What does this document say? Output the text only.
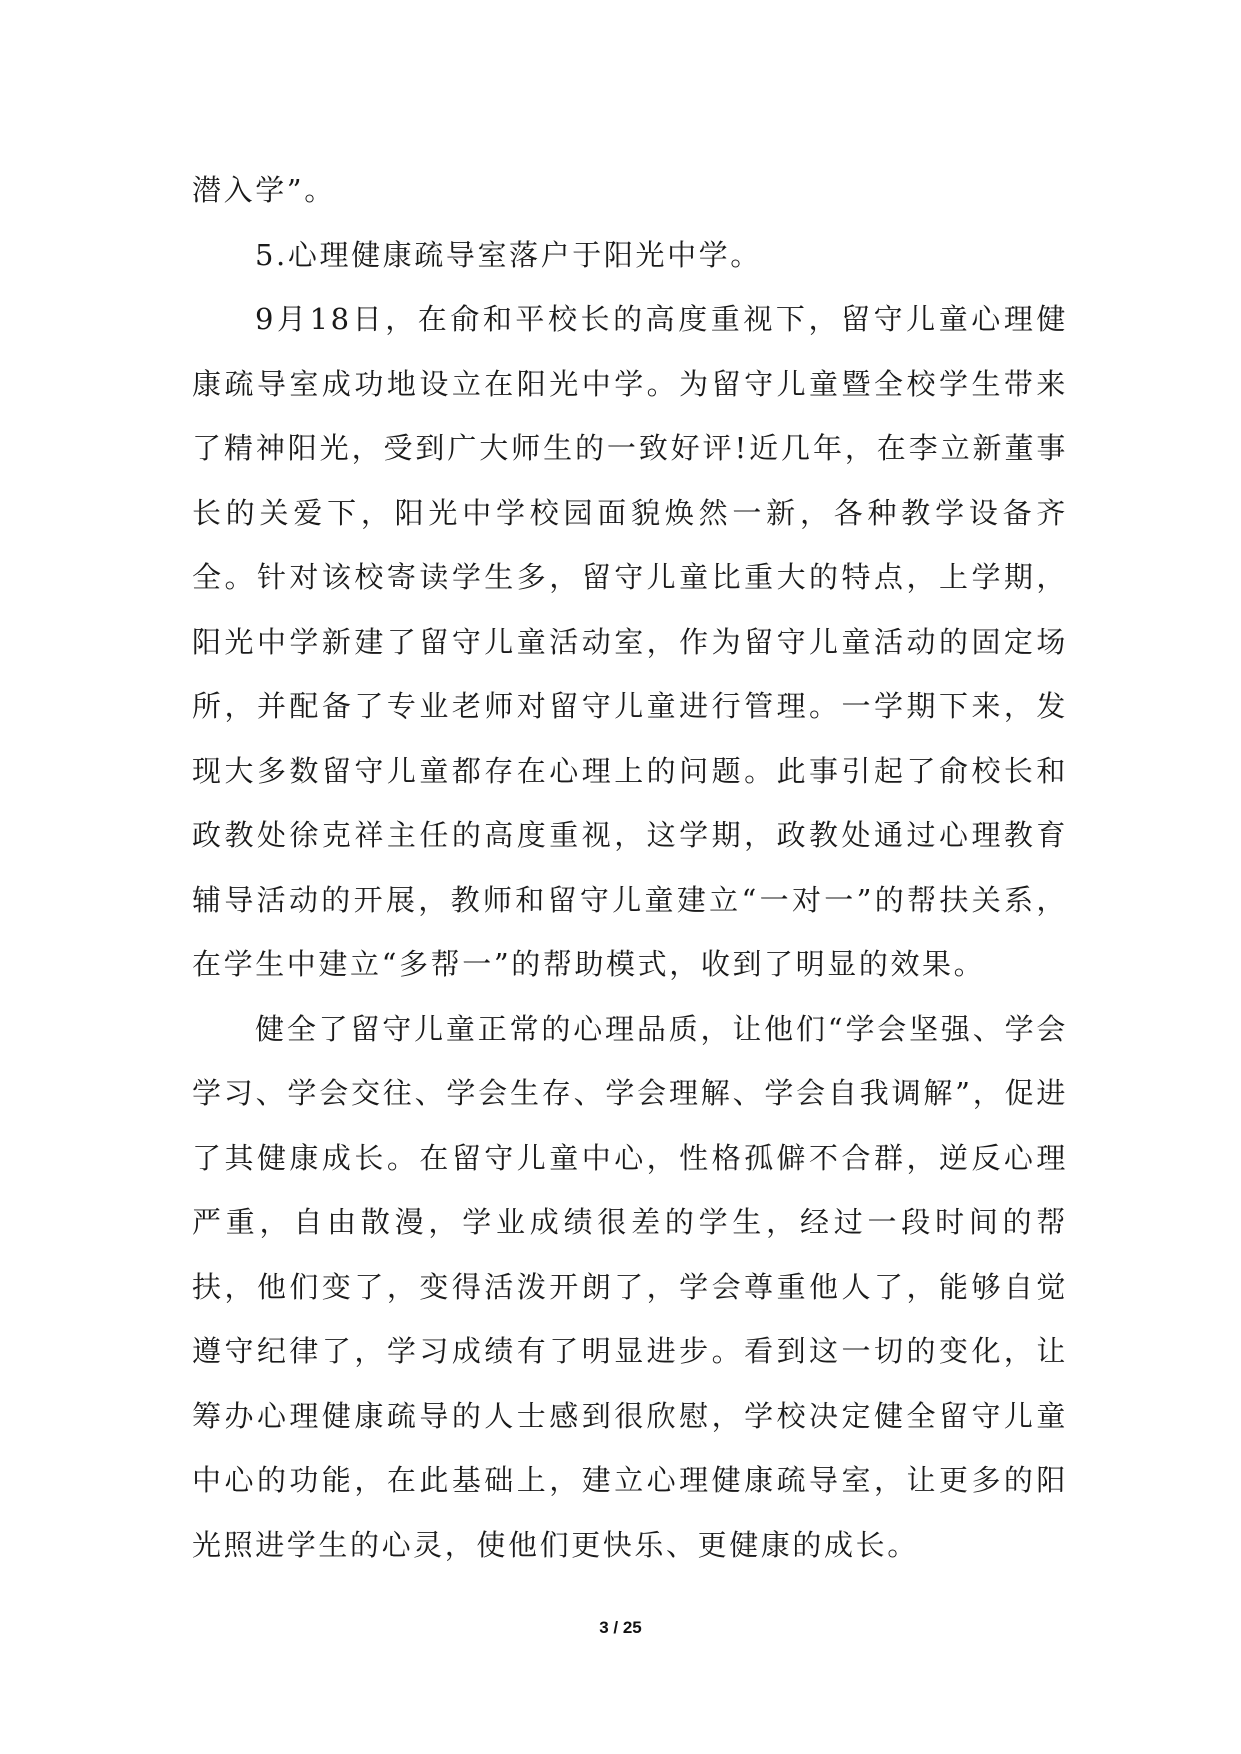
潜入学”。

5.心理健康疏导室落户于阳光中学。

9月18日，在俞和平校长的高度重视下，留守儿童心理健康疏导室成功地设立在阳光中学。为留守儿童暨全校学生带来了精神阳光，受到广大师生的一致好评!近几年，在李立新董事长的关爱下，阳光中学校园面貌焕然一新，各种教学设备齐全。针对该校寄读学生多，留守儿童比重大的特点，上学期，阳光中学新建了留守儿童活动室，作为留守儿童活动的固定场所，并配备了专业老师对留守儿童进行管理。一学期下来，发现大多数留守儿童都存在心理上的问题。此事引起了俞校长和政教处徐克祥主任的高度重视，这学期，政教处通过心理教育辅导活动的开展，教师和留守儿童建立“一对一”的帮扶关系，在学生中建立“多帮一”的帮助模式，收到了明显的效果。

健全了留守儿童正常的心理品质，让他们“学会坚强、学会学习、学会交往、学会生存、学会理解、学会自我调解”，促进了其健康成长。在留守儿童中心，性格孤僻不合群，逆反心理严重，自由散漫，学业成绩很差的学生，经过一段时间的帮扶，他们变了，变得活泼开朗了，学会尊重他人了，能够自觉遵守纪律了，学习成绩有了明显进步。看到这一切的变化，让筹办心理健康疏导的人士感到很欣慰，学校决定健全留守儿童中心的功能，在此基础上，建立心理健康疏导室，让更多的阳光照进学生的心灵，使他们更快乐、更健康的成长。

3 / 25
